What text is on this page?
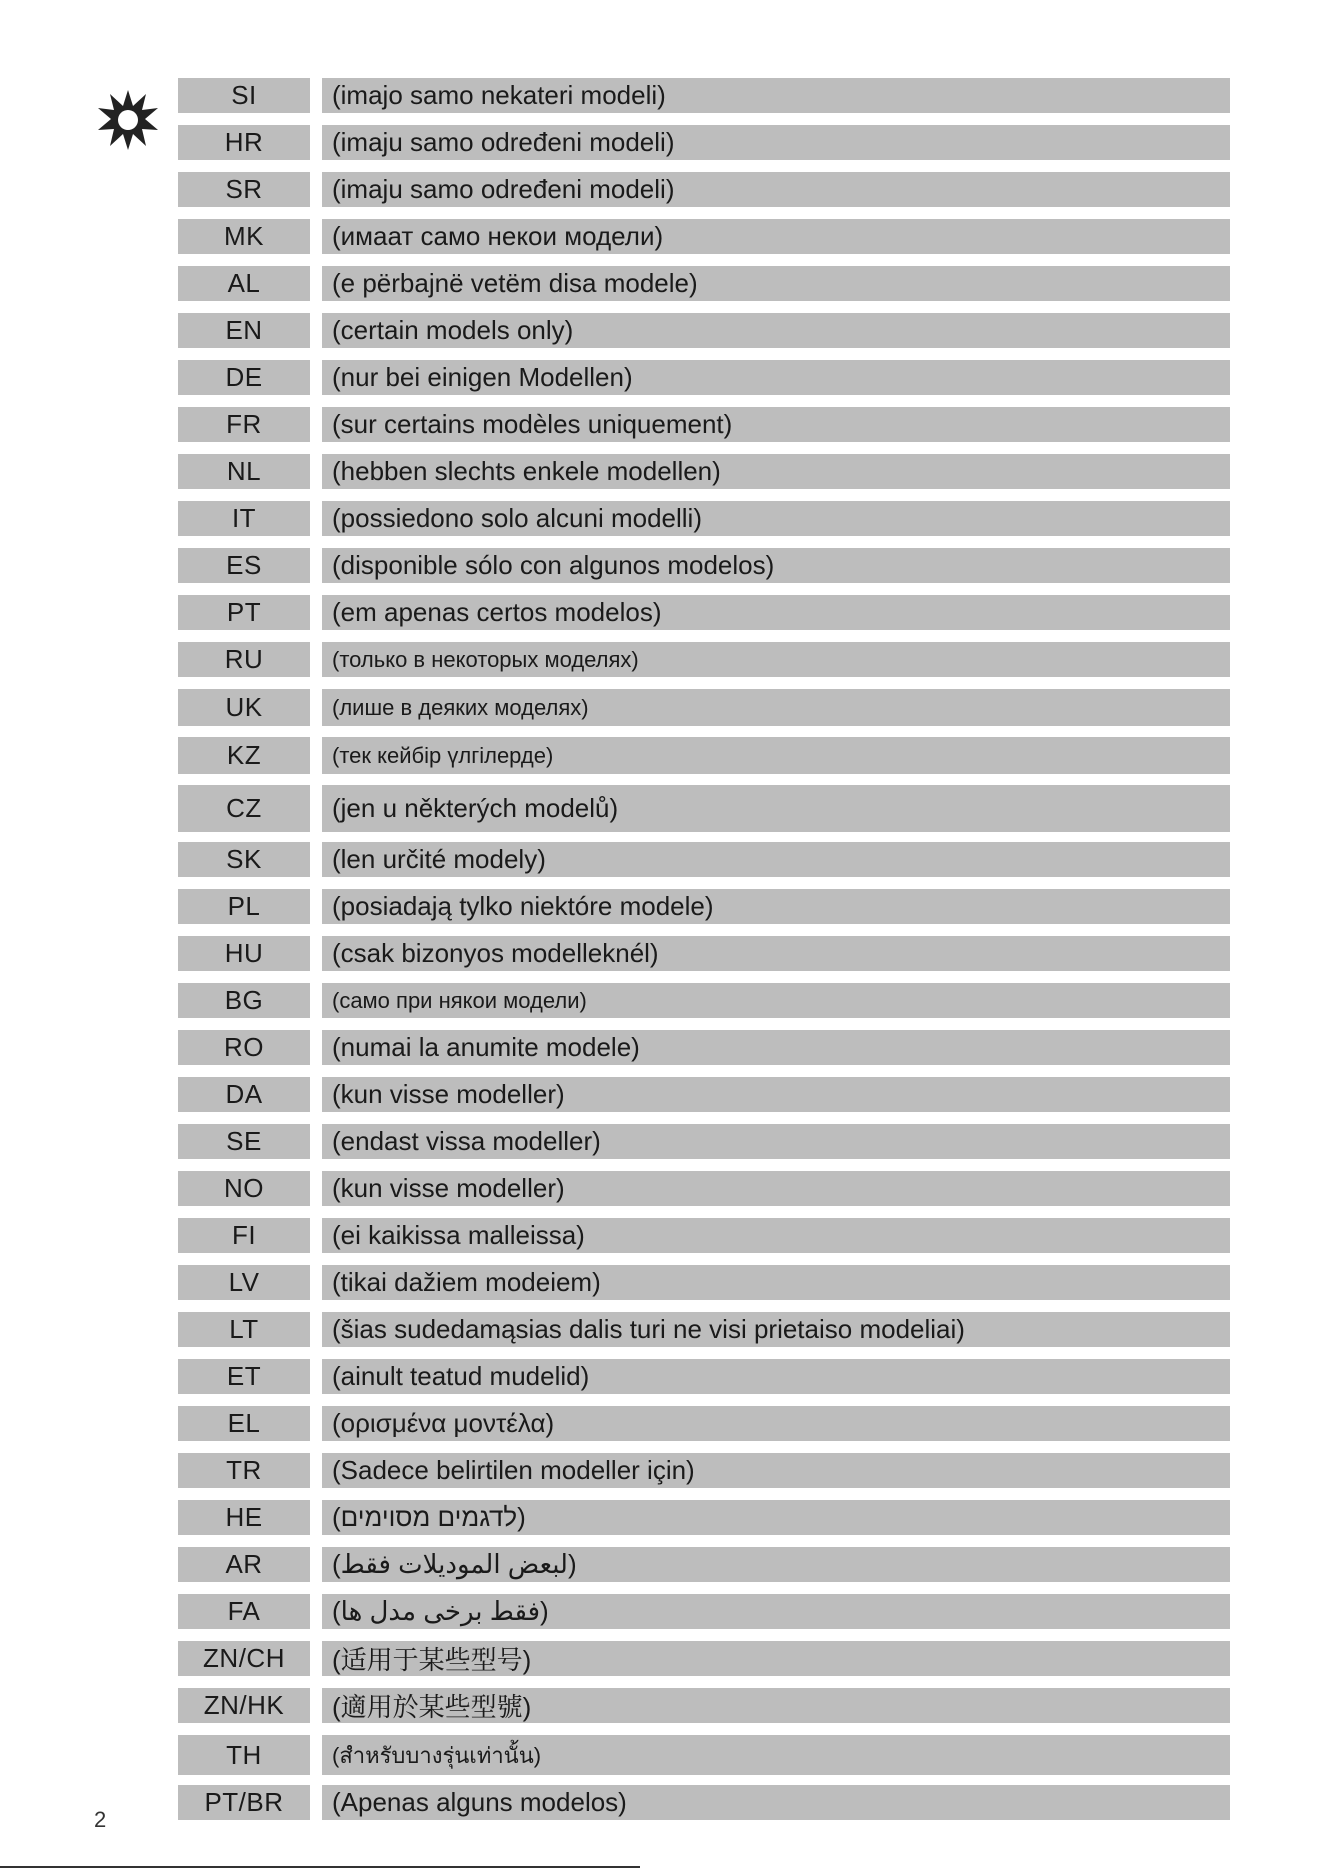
SI	(imajo samo nekateri modeli)
HR	(imaju samo određeni modeli)
SR	(imaju samo određeni modeli)
MK	(имаат само некои модели)
AL	(e përbajnë vetëm disa modele)
EN	(certain models only)
DE	(nur bei einigen Modellen)
FR	(sur certains modèles uniquement)
NL	(hebben slechts enkele modellen)
IT	(possiedono solo alcuni modelli)
ES	(disponible sólo con algunos modelos)
PT	(em apenas certos modelos)
RU	(только в некоторых моделях)
UK	(лише в деяких моделях)
KZ	(тек кейбір үлгілерде)
CZ	(jen u některých modelů)
SK	(len určité modely)
PL	(posiadają tylko niektóre modele)
HU	(csak bizonyos modelleknél)
BG	(само при някои модели)
RO	(numai la anumite modele)
DA	(kun visse modeller)
SE	(endast vissa modeller)
NO	(kun visse modeller)
FI	(ei kaikissa malleissa)
LV	(tikai dažiem modeiem)
LT	(šias sudedamąsias dalis turi ne visi prietaiso modeliai)
ET	(ainult teatud mudelid)
EL	(ορισμένα μοντέλα)
TR	(Sadece belirtilen modeller için)
HE	(לדגמים מסוימים)
AR	(لبعض الموديلات فقط)
FA	(فقط برخی مدل ها)
ZN/CH	(适用于某些型号)
ZN/HK	(適用於某些型號)
TH	(สำหรับบางรุ่นเท่านั้น)
PT/BR	(Apenas alguns modelos)
2
